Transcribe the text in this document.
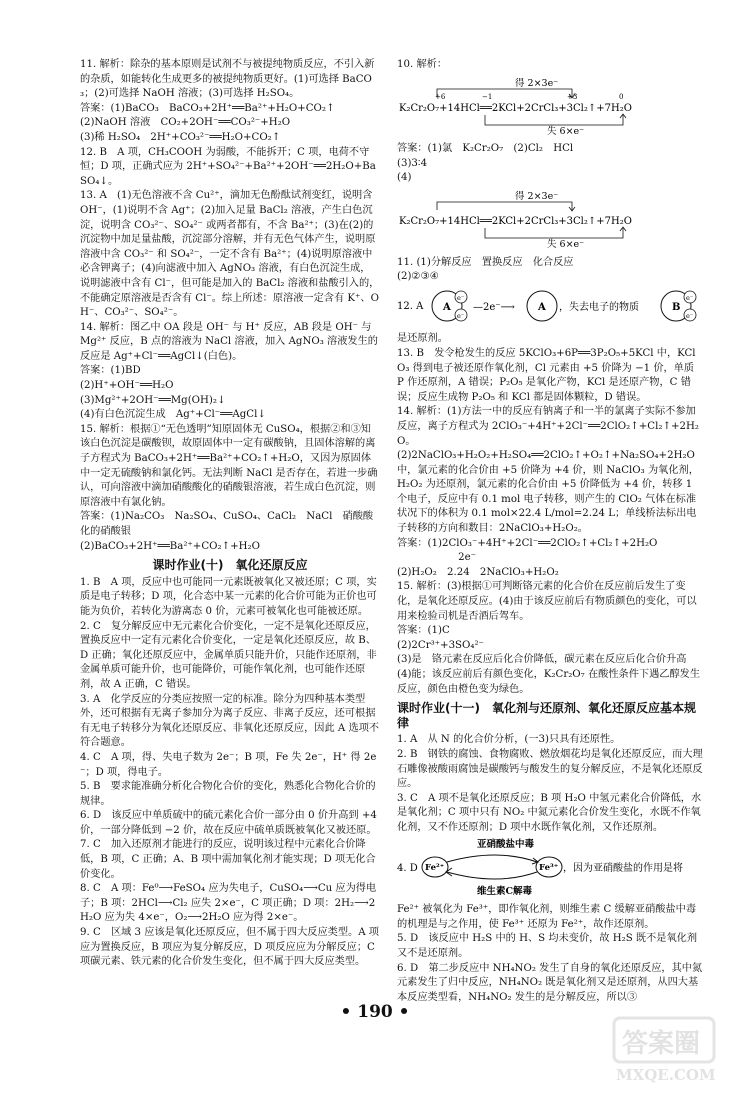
11. 解析：除杂的基本原则是试剂不与被提纯物质反应，不引入新的杂质，如能转化生成更多的被提纯物质更好。(1)可选择 BaCO₃；(2)可选择 NaOH 溶液；(3)可选择 H₂SO₄。
答案：(1)BaCO₃　BaCO₃+2H⁺══Ba²⁺+H₂O+CO₂↑
(2)NaOH 溶液　CO₂+2OH⁻══CO₃²⁻+H₂O
(3)稀 H₂SO₄　2H⁺+CO₃²⁻══H₂O+CO₂↑
12. B　A 项，CH₃COOH 为弱酸，不能拆开；C 项，电荷不守恒；D 项，正确式应为 2H⁺+SO₄²⁻+Ba²⁺+2OH⁻══2H₂O+BaSO₄↓。
13. A　(1)无色溶液不含 Cu²⁺，滴加无色酚酞试剂变红，说明含 OH⁻，(1)说明不含 Ag⁺；(2)加入足量 BaCl₂ 溶液，产生白色沉淀，说明含 CO₃²⁻、SO₄²⁻ 或两者都有，不含 Ba²⁺；(3)在(2)的沉淀物中加足量盐酸，沉淀部分溶解，并有无色气体产生，说明原溶液中含 CO₃²⁻ 和 SO₄²⁻，一定不含有 Ba²⁺；(4)说明原溶液中必含钾离子；(4)向滤液中加入 AgNO₃ 溶液，有白色沉淀生成，说明滤液中含有 Cl⁻，但可能是加入的 BaCl₂ 溶液和盐酸引入的，不能确定原溶液是否含有 Cl⁻。综上所述：原溶液一定含有 K⁺、OH⁻、CO₃²⁻、SO₄²⁻。
14. 解析：图乙中 OA 段是 OH⁻ 与 H⁺ 反应，AB 段是 OH⁻ 与 Mg²⁺ 反应，B 点的溶液为 NaCl 溶液，加入 AgNO₃ 溶液发生的反应是 Ag⁺+Cl⁻══AgCl↓(白色)。
答案：(1)BD
(2)H⁺+OH⁻══H₂O
(3)Mg²⁺+2OH⁻══Mg(OH)₂↓
(4)有白色沉淀生成　Ag⁺+Cl⁻══AgCl↓
15. 解析：根据①“无色透明”知原固体无 CuSO₄，根据②和③知该白色沉淀是碳酸钡，故原固体中一定有碳酸钠，且固体溶解的离子方程式为 BaCO₃+2H⁺══Ba²⁺+CO₂↑+H₂O，又因为原固体中一定无硫酸钠和氯化钙。无法判断 NaCl 是否存在，若进一步确认，可向溶液中滴加硝酸酸化的硝酸银溶液，若生成白色沉淀，则原溶液中有氯化钠。
答案：(1)Na₂CO₃　Na₂SO₄、CuSO₄、CaCl₂　NaCl　硝酸酸化的硝酸银
(2)BaCO₃+2H⁺══Ba²⁺+CO₂↑+H₂O
课时作业(十)　氧化还原反应
1. B　A 项，反应中也可能同一元素既被氧化又被还原；C 项，实质是电子转移；D 项，化合态中某一元素的化合价可能为正价也可能为负价，若转化为游离态 0 价，元素可被氧化也可能被还原。
2. C　复分解反应中无元素化合价变化，一定不是氧化还原反应，置换反应中一定有元素化合价变化，一定是氧化还原反应，故 B、D 正确；氧化还原反应中，金属单质只能升价，只能作还原剂，非金属单质可能升价，也可能降价，可能作氧化剂，也可能作还原剂，故 A 正确，C 错误。
3. A　化学反应的分类应按照一定的标准。除分为四种基本类型外，还可根据有无离子参加分为离子反应、非离子反应，还可根据有无电子转移分为氧化还原反应、非氧化还原反应，因此 A 选项不符合题意。
4. C　A 项，得、失电子数为 2e⁻；B 项，Fe 失 2e⁻，H⁺ 得 2e⁻；D 项，得电子。
5. B　要求能准确分析化合物化合价的变化，熟悉化合物化合价的规律。
6. D　该反应中单质硫中的硫元素化合价一部分由 0 价升高到 +4 价，一部分降低到 −2 价，故在反应中硫单质既被氧化又被还原。
7. C　加入还原剂才能进行的反应，说明该过程中元素化合价降低，B 项，C 正确；A、B 项中需加氧化剂才能实现；D 项无化合价变化。
8. C　A 项：Fe⁰⟶FeSO₄ 应为失电子，CuSO₄⟶Cu 应为得电子；B 项：2HCl⟶Cl₂ 应失 2×e⁻，C 项正确；D 项：2H₂⟶2H₂O 应为失 4×e⁻，O₂⟶2H₂O 应为得 2×e⁻。
9. C　区域 3 应该是氧化还原反应，但不属于四大反应类型。A 项应为置换反应，B 项应为复分解反应，D 项反应应为分解反应；C 项碳元素、铁元素的化合价发生变化，但不属于四大反应类型。
10. 解析：
得 2×3e⁻
+6	−1	+3	0
K₂Cr₂O₇+14HCl══2KCl+2CrCl₃+3Cl₂↑+7H₂O
失 6×e⁻
答案：(1)氯　K₂Cr₂O₇　(2)Cl₂　HCl
(3)3∶4
(4)
得 2×3e⁻
K₂Cr₂O₇+14HCl══2KCl+2CrCl₃+3Cl₂↑+7H₂O
失 6×e⁻
11. (1)分解反应　置换反应　化合反应
(2)②③④
12. A A
e⁻
e⁻
—2e⁻⟶ A ，失去电子的物质	B
e⁻
e⁻
是还原剂。
13. B　发令枪发生的反应 5KClO₃+6P══3P₂O₅+5KCl 中，KClO₃ 得到电子被还原作氧化剂，Cl 元素由 +5 价降为 −1 价，单质 P 作还原剂，A 错误；P₂O₅ 是氧化产物，KCl 是还原产物，C 错误；反应生成物 P₂O₅ 和 KCl 都是固体颗粒，D 错误。
14. 解析：(1)方法一中的反应有钠离子和一半的氯离子实际不参加反应，离子方程式为 2ClO₃⁻+4H⁺+2Cl⁻══2ClO₂↑+Cl₂↑+2H₂O。
(2)2NaClO₃+H₂O₂+H₂SO₄══2ClO₂↑+O₂↑+Na₂SO₄+2H₂O 中，氯元素的化合价由 +5 价降为 +4 价，则 NaClO₃ 为氧化剂，H₂O₂ 为还原剂，氯元素的化合价由 +5 价降低为 +4 价，转移 1 个电子，反应中有 0.1 mol 电子转移，则产生的 ClO₂ 气体在标准状况下的体积为 0.1 mol×22.4 L/mol=2.24 L；单线桥法标出电子转移的方向和数目：2NaClO₃+H₂O₂。
答案：(1)2ClO₃⁻+4H⁺+2Cl⁻══2ClO₂↑+Cl₂↑+2H₂O
　　　　　　2e⁻
(2)H₂O₂　2.24　2NaClO₃+H₂O₂
15. 解析：(3)根据①可判断铬元素的化合价在反应前后发生了变化，是氧化还原反应。(4)由于该反应前后有物质颜色的变化，可以用来检验司机是否酒后驾车。
答案：(1)C
(2)2Cr³⁺+3SO₄²⁻
(3)是　铬元素在反应后化合价降低，碳元素在反应后化合价升高
(4)能；该反应前后有颜色变化，K₂Cr₂O₇ 在酸性条件下遇乙醇发生反应，颜色由橙色变为绿色。
课时作业(十一)　氧化剂与还原剂、氧化还原反应基本规律
1. A　从 N 的化合价分析，(一3)只具有还原性。
2. B　钢铁的腐蚀、食物腐败、燃放烟花均是氧化还原反应，而大理石雕像被酸雨腐蚀是碳酸钙与酸发生的复分解反应，不是氧化还原反应。
3. C　A 项不是氧化还原反应；B 项 H₂O 中氢元素化合价降低，水是氧化剂；C 项中只有 NO₂ 中氮元素化合价发生变化，水既不作氧化剂，又不作还原剂；D 项中水既作氧化剂，又作还原剂。
4. D
亚硝酸盐中毒
Fe²⁺	Fe³⁺
维生素C解毒
，因为亚硝酸盐的作用是将
Fe²⁺ 被氧化为 Fe³⁺，即作氧化剂，则维生素 C 缓解亚硝酸盐中毒的机理是与之作用，使 Fe³⁺ 还原为 Fe²⁺，故作还原剂。
5. D　该反应中 H₂S 中的 H、S 均未变价，故 H₂S 既不是氧化剂又不是还原剂。
6. D　第二步反应中 NH₄NO₂ 发生了自身的氧化还原反应，其中氮元素发生了归中反应，NH₄NO₂ 既是氧化剂又是还原剂，从四大基本反应类型看，NH₄NO₂ 发生的是分解反应，所以③
• 190 •
答案圈
MXQE.COM
